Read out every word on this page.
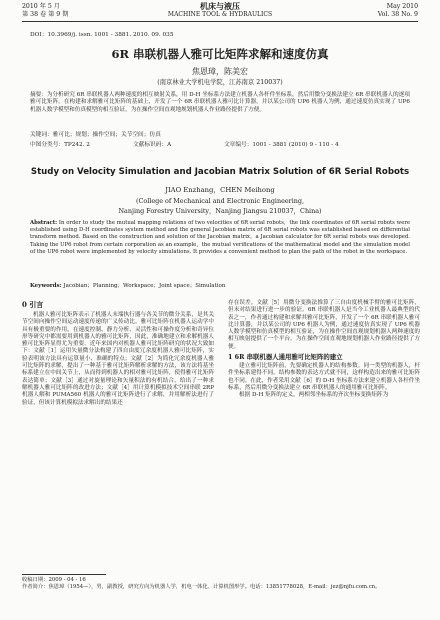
2010 年 5 月
第 38 卷 第 9 期
机床与液压
MACHINE TOOL & HYDRAULICS
May 2010
Vol. 38 No. 9
DOI：10.3969/j. issn. 1001 - 3881. 2010. 09. 035
6R 串联机器人雅可比矩阵求解和速度仿真
焦恩璋，陈美宏
(南京林业大学机电学院，江苏南京 210037)
摘要：为分析研究 6R 串联机器人两种速度的相互映射关系，用 D-H 坐标系方法建立机器人各杆件坐标系，然后用微分变换法建立 6R 串联机器人的逐项雅可比矩阵。在构建和求解雅可比矩阵的基础上，开发了一个 6R 串联机器人雅可比计算器，并以某公司的 UP6 机器人为例，通过速度仿真实现了 UP6 机器人数学模型和仿真模型的相互验证，为在操作空间直观地规划机器人作业路径提供了方便。
关键词：雅可比；规划；操作空间；关节空间；仿真
中图分类号：TP242. 2	文献标识码：A	文章编号：1001 - 3881 (2010) 9 - 110 - 4
Study on Velocity Simulation and Jacobian Matrix Solution of 6R Serial Robots
JIAO Enzhang，CHEN Meihong
(College of Mechanical and Electronic Engineering,
Nanjing Forestry University，Nanjing Jiangsu 210037，China)
Abstract: In order to study the mutual mapping relations of two velocities of 6R serial robots，the link coordinates of 6R serial robots were established using D-H coordinates system method and the general Jacobian matrix of 6R serial robots was established based on differential transform method. Based on the construction and solution of the Jacobian matrix，a Jacobian calculator for 6R serial robots was developed. Taking the UP6 robot from certain corporation as an example，the mutual verifications of the mathematical model and the simulation model of the UP6 robot were implemented by velocity simulations. It provides a convenient method to plan the path of the robot in the workspace.
Keywords: Jacobian；Planning；Workspace；Joint space；Simulation
0 引言

机器人雅可比矩阵表示了机器人末端执行器与各关节的微分关系，是其关节空间向操作空间运动速度传递的广义传动比。雅可比矩阵在机器人运动学中具有极重要的作用，在速度控制、静力分析、灵活性和可操作度分析和奇异位形等研究中都需要用到机器人的雅可比矩阵，因此，准确地建立和求解机器人雅可比矩阵显得尤为重要。近年来国内对机器人雅可比矩阵研究的状况大致如下：文献［1］运用矢量微分法构建了四自由度冗余度机器人雅可比矩阵，实验表明该方法具有运算量小、准确的特点；文献［2］为简化冗余度机器人雅可比矩阵的求解，提出了一种基于雅可比矩阵解析求解的方法，该方法将基坐标系建立在中间关节上，从而得到机器人的相对雅可比矩阵，使得雅可比矩阵表达简单；文献［3］通过对旋量理论和矢量积法的有机结合，给出了一种求解机器人雅可比矩阵的改进方法；文献［4］用计算机模拟技术空间串联 2RP 机器人解和 PUMA560 机器人的雅可比矩阵进行了求解，并用解析法进行了验证，但该计算机模拟法求解出的结果还

存在误差。文献［5］用微分变换法推算了三自由度机械手臂的雅可比矩阵，但未对结果进行进一步的验证。6R 串联机器人是当今工业机器人最典型的代表之一，作者通过构建和求解其雅可比矩阵，开发了一个 6R 串联机器人雅可比计算器，并以某公司的 UP6 机器人为例，通过速度仿真实现了 UP6 机器人数学模型和仿真模型的相互验证，为在操作空间直观规划机器人两种速度的相互映射提供了一个平台，为在操作空间直观地规划机器人作业路径提供了方便。

1 6R 串联机器人通用雅可比矩阵的建立

建立雅可比矩阵前，先要确定机器人的结构参数。同一类型的机器人，杆件坐标系建得不同，结构参数的表达方式就不同，这样构造出来的雅可比矩阵也不同。在此，作者采用文献［6］的 D-H 坐标系方法来建立机器人各杆件坐标系，然后用微分变换法建立 6R 串联机器人的通用雅可比矩阵。

根据 D-H 矩阵的定义，两相邻坐标系的齐次坐标变换矩阵为

收稿日期：2009 - 04 - 16
作者简介：焦恩璋（1954—），男，副教授，研究方向为机器人学，机电一体化、计算机图形学。电话：13851778028，E-mail：jez@njfu.com.cn。
